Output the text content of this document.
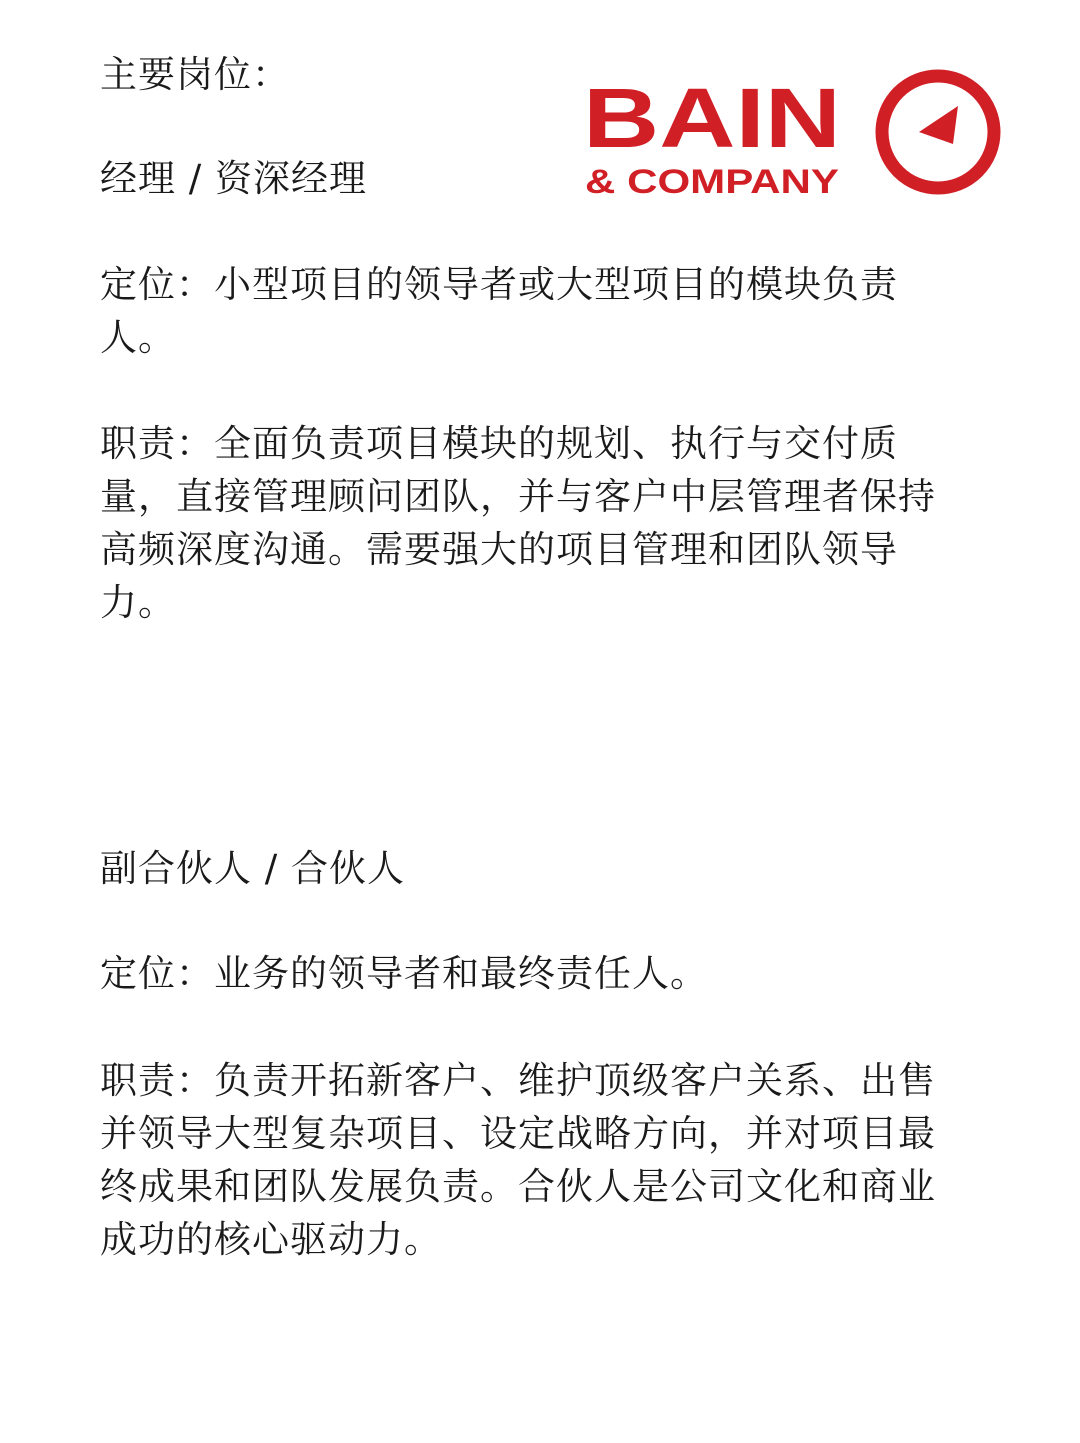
主要岗位：	BAIN
& COMPANY

经理 / 资深经理

定位：小型项目的领导者或大型项目的模块负责人。

职责：全面负责项目模块的规划、执行与交付质量，直接管理顾问团队，并与客户中层管理者保持高频深度沟通。需要强大的项目管理和团队领导力。

副合伙人 / 合伙人

定位：业务的领导者和最终责任人。

职责：负责开拓新客户、维护顶级客户关系、出售并领导大型复杂项目、设定战略方向，并对项目最终成果和团队发展负责。合伙人是公司文化和商业成功的核心驱动力。
